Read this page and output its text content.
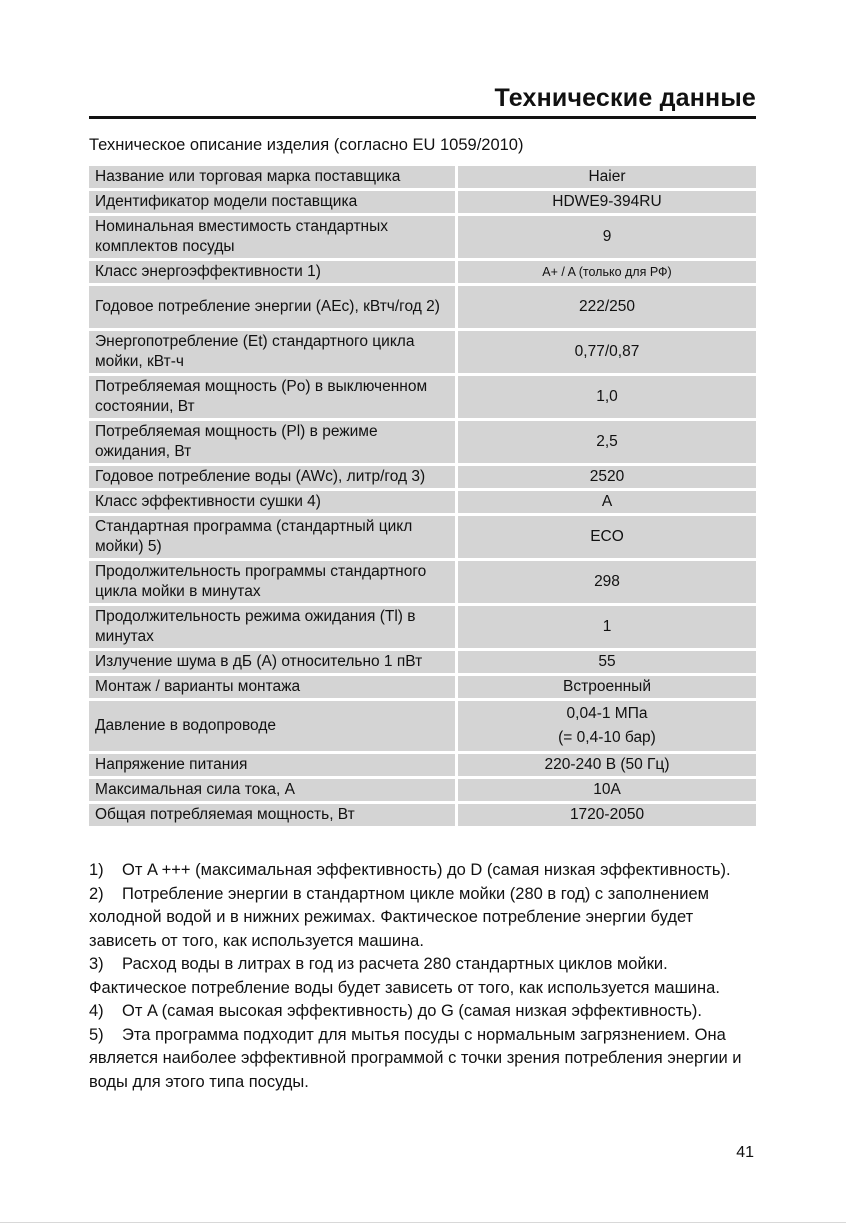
Технические данные

Техническое описание изделия (согласно EU 1059/2010)

Название или торговая марка поставщика	Haier
Идентификатор модели поставщика	HDWE9-394RU
Номинальная вместимость стандартных комплектов посуды	9
Класс энергоэффективности 1)	A+ / A (только для РФ)
Годовое потребление энергии (AEc), кВтч/год 2)	222/250
Энергопотребление (Et) стандартного цикла мойки, кВт-ч	0,77/0,87
Потребляемая мощность (Po) в выключенном состоянии, Вт	1,0
Потребляемая мощность (Pl) в режиме ожидания, Вт	2,5
Годовое потребление воды (AWc), литр/год 3)	2520
Класс эффективности сушки 4)	A
Стандартная программа (стандартный цикл мойки) 5)	ECO
Продолжительность программы стандартного цикла мойки в минутах	298
Продолжительность режима ожидания (Tl) в минутах	1
Излучение шума в дБ (А) относительно 1 пВт	55
Монтаж / варианты монтажа	Встроенный
Давление в водопроводе	0,04-1 МПа
(= 0,4-10 бар)

Напряжение питания	220-240 В (50 Гц)
Максимальная сила тока, А	10А
Общая потребляемая мощность, Вт	1720-2050

1) От A +++ (максимальная эффективность) до D (самая низкая эффективность).

2) Потребление энергии в стандартном цикле мойки (280 в год) с заполнением холодной водой и в нижних режимах. Фактическое потребление энергии будет зависеть от того, как используется машина.

3) Расход воды в литрах в год из расчета 280 стандартных циклов мойки. Фактическое потребление воды будет зависеть от того, как используется машина.

4) От A (самая высокая эффективность) до G (самая низкая эффективность).

5) Эта программа подходит для мытья посуды с нормальным загрязнением. Она является наиболее эффективной программой с точки зрения потребления энергии и воды для этого типа посуды.

41
